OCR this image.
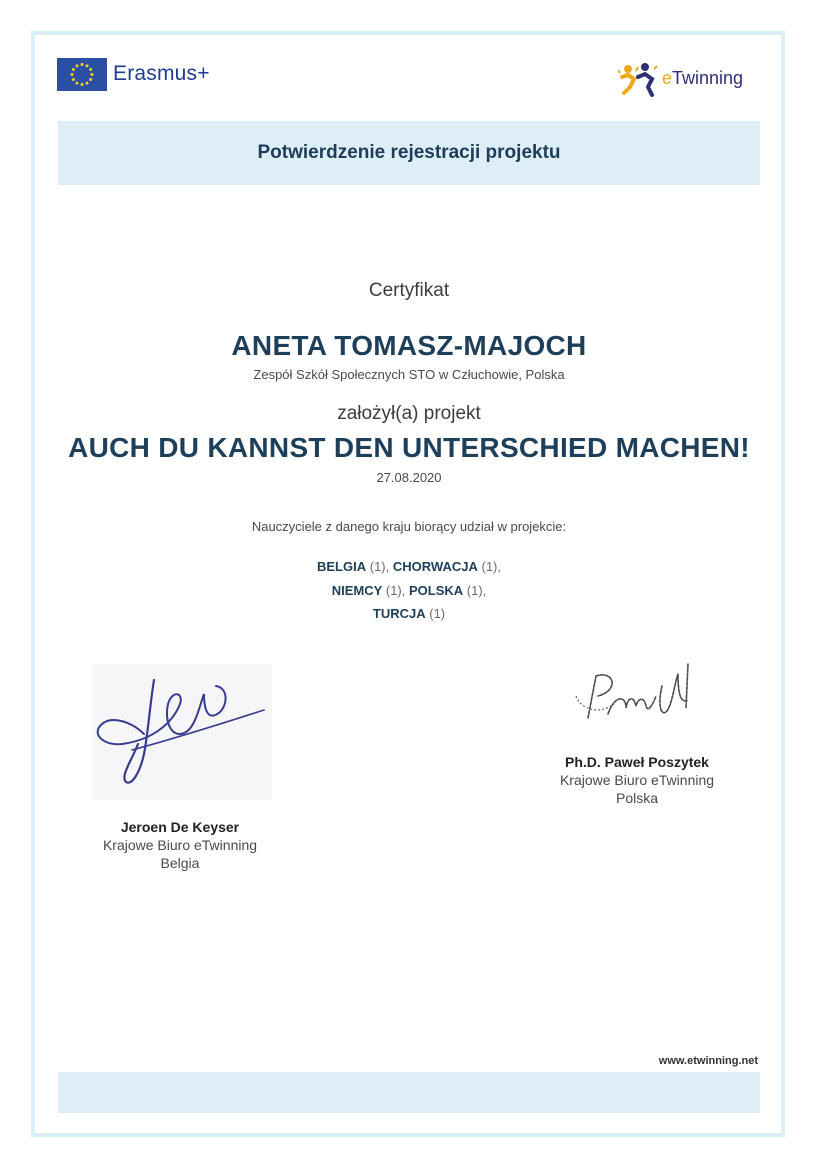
Erasmus+	eTwinning
Potwierdzenie rejestracji projektu
Certyfikat
ANETA TOMASZ-MAJOCH
Zespół Szkół Społecznych STO w Człuchowie, Polska
założył(a) projekt
AUCH DU KANNST DEN UNTERSCHIED MACHEN!
27.08.2020
Nauczyciele z danego kraju biorący udział w projekcie:
BELGIA (1), CHORWACJA (1),
NIEMCY (1), POLSKA (1),
TURCJA (1)
Jeroen De Keyser
Krajowe Biuro eTwinning
Belgia
Ph.D. Paweł Poszytek
Krajowe Biuro eTwinning
Polska
www.etwinning.net
